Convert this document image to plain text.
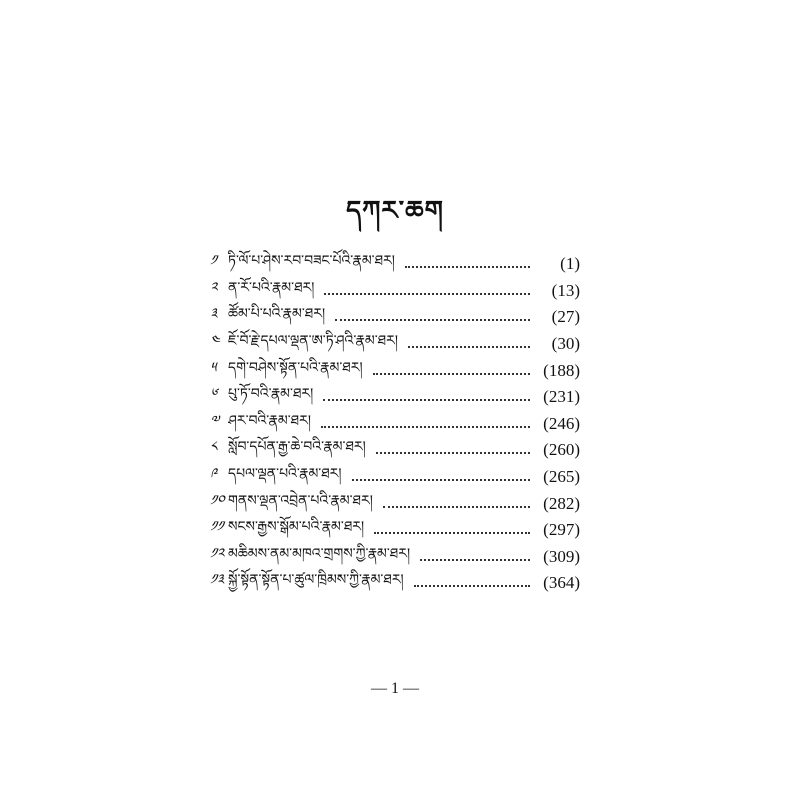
དཀར་ཆག
༡ ཏི་ལོ་པ་ཤེས་རབ་བཟང་པོའི་རྣམ་ཐར།	(1)
༢ ན་རོ་པའི་རྣམ་ཐར།	(13)
༣ ཚོམ་པི་པའི་རྣམ་ཐར།	(27)
༤ ཇོ་བོ་རྗེ་དཔལ་ལྡན་ཨ་ཏི་ཤའི་རྣམ་ཐར།	(30)
༥ དགེ་བཤེས་སྟོན་པའི་རྣམ་ཐར།	(188)
༦ པུ་ཏོ་བའི་རྣམ་ཐར།	(231)
༧ ཤར་བའི་རྣམ་ཐར།	(246)
༨ སློབ་དཔོན་རྒྱ་ཆེ་བའི་རྣམ་ཐར།	(260)
༩ དཔལ་ལྡན་པའི་རྣམ་ཐར།	(265)
༡༠ གནས་ལྡན་འབྲེན་པའི་རྣམ་ཐར།	(282)
༡༡ སངས་རྒྱས་སྒོམ་པའི་རྣམ་ཐར།	(297)
༡༢ མཆིམས་ནམ་མཁའ་གྲགས་ཀྱི་རྣམ་ཐར།	(309)
༡༣ སྐྱོ་སྟོན་སྟོན་པ་ཚུལ་ཁྲིམས་ཀྱི་རྣམ་ཐར།	(364)
— 1 —
